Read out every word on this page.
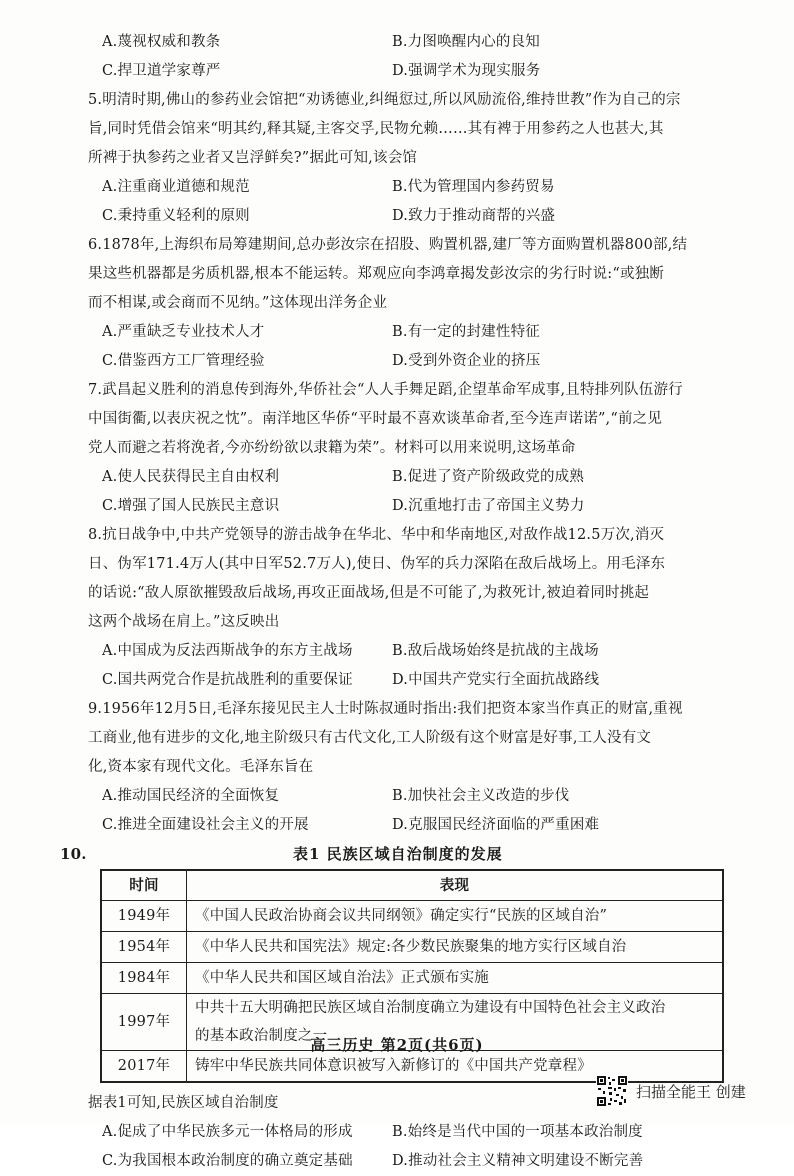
A.蔑视权威和教条	B.力图唤醒内心的良知
C.捍卫道学家尊严	D.强调学术为现实服务
5.明清时期,佛山的参药业会馆把“劝诱德业,纠绳愆过,所以风励流俗,维持世教”作为自己的宗
旨,同时凭借会馆来“明其约,释其疑,主客交孚,民物允赖……其有裨于用参药之人也甚大,其
所裨于执参药之业者又岂浮鲜矣?”据此可知,该会馆
A.注重商业道德和规范	B.代为管理国内参药贸易
C.秉持重义轻利的原则	D.致力于推动商帮的兴盛
6.1878年,上海织布局筹建期间,总办彭汝宗在招股、购置机器,建厂等方面购置机器800部,结
果这些机器都是劣质机器,根本不能运转。郑观应向李鸿章揭发彭汝宗的劣行时说:“或独断
而不相谋,或会商而不见纳。”这体现出洋务企业
A.严重缺乏专业技术人才	B.有一定的封建性特征
C.借鉴西方工厂管理经验	D.受到外资企业的挤压
7.武昌起义胜利的消息传到海外,华侨社会“人人手舞足蹈,企望革命军成事,且特排列队伍游行
中国街衢,以表庆祝之忱”。南洋地区华侨“平时最不喜欢谈革命者,至今连声诺诺”,“前之见
党人而避之若将浼者,今亦纷纷欲以隶籍为荣”。材料可以用来说明,这场革命
A.使人民获得民主自由权利	B.促进了资产阶级政党的成熟
C.增强了国人民族民主意识	D.沉重地打击了帝国主义势力
8.抗日战争中,中共产党领导的游击战争在华北、华中和华南地区,对敌作战12.5万次,消灭
日、伪军171.4万人(其中日军52.7万人),使日、伪军的兵力深陷在敌后战场上。用毛泽东
的话说:“敌人原欲摧毁敌后战场,再攻正面战场,但是不可能了,为救死计,被迫着同时挑起
这两个战场在肩上。”这反映出
A.中国成为反法西斯战争的东方主战场	B.敌后战场始终是抗战的主战场
C.国共两党合作是抗战胜利的重要保证	D.中国共产党实行全面抗战路线
9.1956年12月5日,毛泽东接见民主人士时陈叔通时指出:我们把资本家当作真正的财富,重视
工商业,他有进步的文化,地主阶级只有古代文化,工人阶级有这个财富是好事,工人没有文
化,资本家有现代文化。毛泽东旨在
A.推动国民经济的全面恢复	B.加快社会主义改造的步伐
C.推进全面建设社会主义的开展	D.克服国民经济面临的严重困难
10.	表1 民族区域自治制度的发展
时间	表现
1949年	《中国人民政治协商会议共同纲领》确定实行“民族的区域自治”
1954年	《中华人民共和国宪法》规定:各少数民族聚集的地方实行区域自治
1984年	《中华人民共和国区域自治法》正式颁布实施
1997年	中共十五大明确把民族区域自治制度确立为建设有中国特色社会主义政治
的基本政治制度之一

2017年	铸牢中华民族共同体意识被写入新修订的《中国共产党章程》
据表1可知,民族区域自治制度
A.促成了中华民族多元一体格局的形成	B.始终是当代中国的一项基本政治制度
C.为我国根本政治制度的确立奠定基础	D.推动社会主义精神文明建设不断完善
高三历史 第2页(共6页)
扫描全能王 创建
